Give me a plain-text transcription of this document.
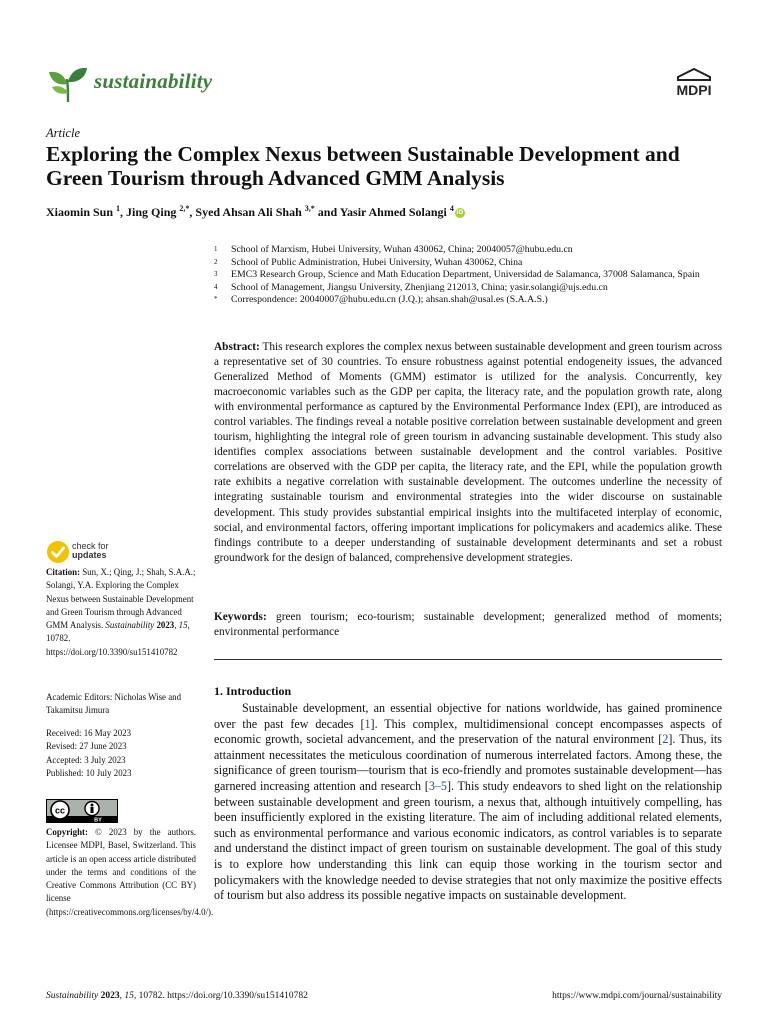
sustainability	MDPI
Article
Exploring the Complex Nexus between Sustainable Development and Green Tourism through Advanced GMM Analysis
Xiaomin Sun $^1$, Jing Qing $^{2,*}$, Syed Ahsan Ali Shah $^{3,*}$ and Yasir Ahmed Solangi $^4$ iD
1	School of Marxism, Hubei University, Wuhan 430062, China; 20040057@hubu.edu.cn
2	School of Public Administration, Hubei University, Wuhan 430062, China
3	EMC3 Research Group, Science and Math Education Department, Universidad de Salamanca, 37008 Salamanca, Spain
4	School of Management, Jiangsu University, Zhenjiang 212013, China; yasir.solangi@ujs.edu.cn
*	Correspondence: 20040007@hubu.edu.cn (J.Q.); ahsan.shah@usal.es (S.A.A.S.)

Abstract: This research explores the complex nexus between sustainable development and green tourism across a representative set of 30 countries. To ensure robustness against potential endogeneity issues, the advanced Generalized Method of Moments (GMM) estimator is utilized for the analysis. Concurrently, key macroeconomic variables such as the GDP per capita, the literacy rate, and the population growth rate, along with environmental performance as captured by the Environmental Performance Index (EPI), are introduced as control variables. The findings reveal a notable positive correlation between sustainable development and green tourism, highlighting the integral role of green tourism in advancing sustainable development. This study also identifies complex associations between sustainable development and the control variables. Positive correlations are observed with the GDP per capita, the literacy rate, and the EPI, while the population growth rate exhibits a negative correlation with sustainable development. The outcomes underline the necessity of integrating sustainable tourism and environmental strategies into the wider discourse on sustainable development. This study provides substantial empirical insights into the multifaceted interplay of economic, social, and environmental factors, offering important implications for policymakers and academics alike. These findings contribute to a deeper understanding of sustainable development determinants and set a robust groundwork for the design of balanced, comprehensive development strategies.

Keywords: green tourism; eco-tourism; sustainable development; generalized method of moments; environmental performance

1. Introduction

Sustainable development, an essential objective for nations worldwide, has gained prominence over the past few decades [1]. This complex, multidimensional concept encompasses aspects of economic growth, societal advancement, and the preservation of the natural environment [2]. Thus, its attainment necessitates the meticulous coordination of numerous interrelated factors. Among these, the significance of green tourism—tourism that is eco-friendly and promotes sustainable development—has garnered increasing attention and research [3–5]. This study endeavors to shed light on the relationship between sustainable development and green tourism, a nexus that, although intuitively compelling, has been insufficiently explored in the existing literature. The aim of including additional related elements, such as environmental performance and various economic indicators, as control variables is to separate and understand the distinct impact of green tourism on sustainable development. The goal of this study is to explore how understanding this link can equip those working in the tourism sector and policymakers with the knowledge needed to devise strategies that not only maximize the positive effects of tourism but also address its possible negative impacts on sustainable development.

check for
updates
Citation: Sun, X.; Qing, J.; Shah, S.A.A.; Solangi, Y.A. Exploring the Complex Nexus between Sustainable Development and Green Tourism through Advanced GMM Analysis. Sustainability 2023, 15, 10782. https://doi.org/10.3390/su151410782
Academic Editors: Nicholas Wise and Takamitsu Jimura
Received: 16 May 2023
Revised: 27 June 2023
Accepted: 3 July 2023
Published: 10 July 2023
cc
BY
Copyright: © 2023 by the authors. Licensee MDPI, Basel, Switzerland. This article is an open access article distributed under the terms and conditions of the Creative Commons Attribution (CC BY) license (https://creativecommons.org/licenses/by/4.0/).
Sustainability 2023, 15, 10782. https://doi.org/10.3390/su151410782	https://www.mdpi.com/journal/sustainability
